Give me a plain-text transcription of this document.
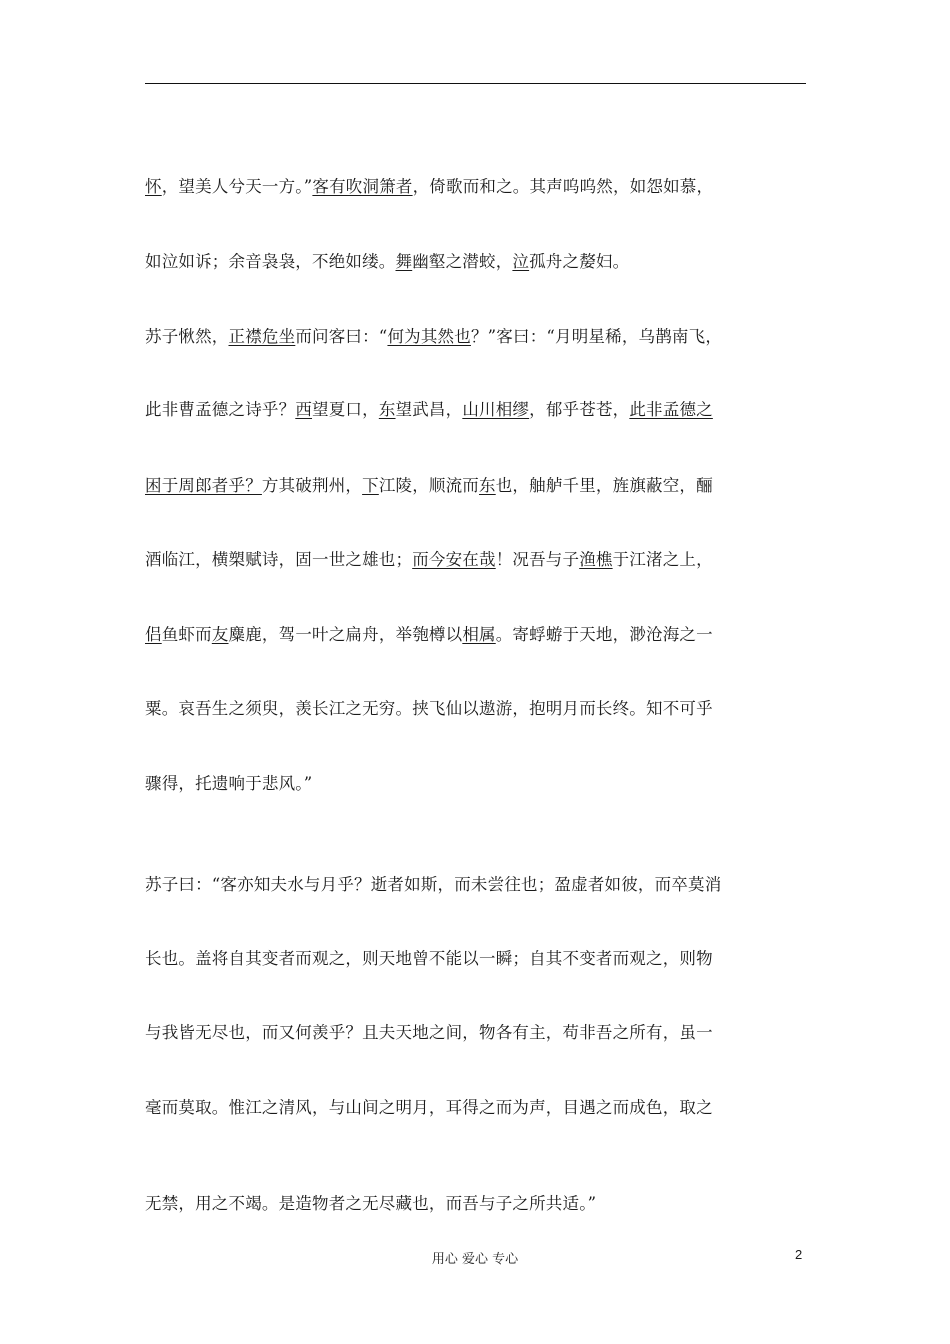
怀，望美人兮天一方。”客有吹洞箫者，倚歌而和之。其声呜呜然，如怨如慕，
如泣如诉；余音袅袅，不绝如缕。舞幽壑之潜蛟，泣孤舟之嫠妇。
苏子愀然，正襟危坐而问客曰：“何为其然也？”客曰：“月明星稀，乌鹊南飞，
此非曹孟德之诗乎？西望夏口，东望武昌，山川相缪，郁乎苍苍，此非孟德之
困于周郎者乎？方其破荆州，下江陵，顺流而东也，舳舻千里，旌旗蔽空，酾
酒临江，横槊赋诗，固一世之雄也；而今安在哉！况吾与子渔樵于江渚之上，
侣鱼虾而友麋鹿，驾一叶之扁舟，举匏樽以相属。寄蜉蝣于天地，渺沧海之一
粟。哀吾生之须臾，羡长江之无穷。挟飞仙以遨游，抱明月而长终。知不可乎
骤得，托遗响于悲风。”
苏子曰：“客亦知夫水与月乎？逝者如斯，而未尝往也；盈虚者如彼，而卒莫消
长也。盖将自其变者而观之，则天地曾不能以一瞬；自其不变者而观之，则物
与我皆无尽也，而又何羡乎？且夫天地之间，物各有主，苟非吾之所有，虽一
毫而莫取。惟江之清风，与山间之明月，耳得之而为声，目遇之而成色，取之
无禁，用之不竭。是造物者之无尽藏也，而吾与子之所共适。”
用心 爱心 专心	2
